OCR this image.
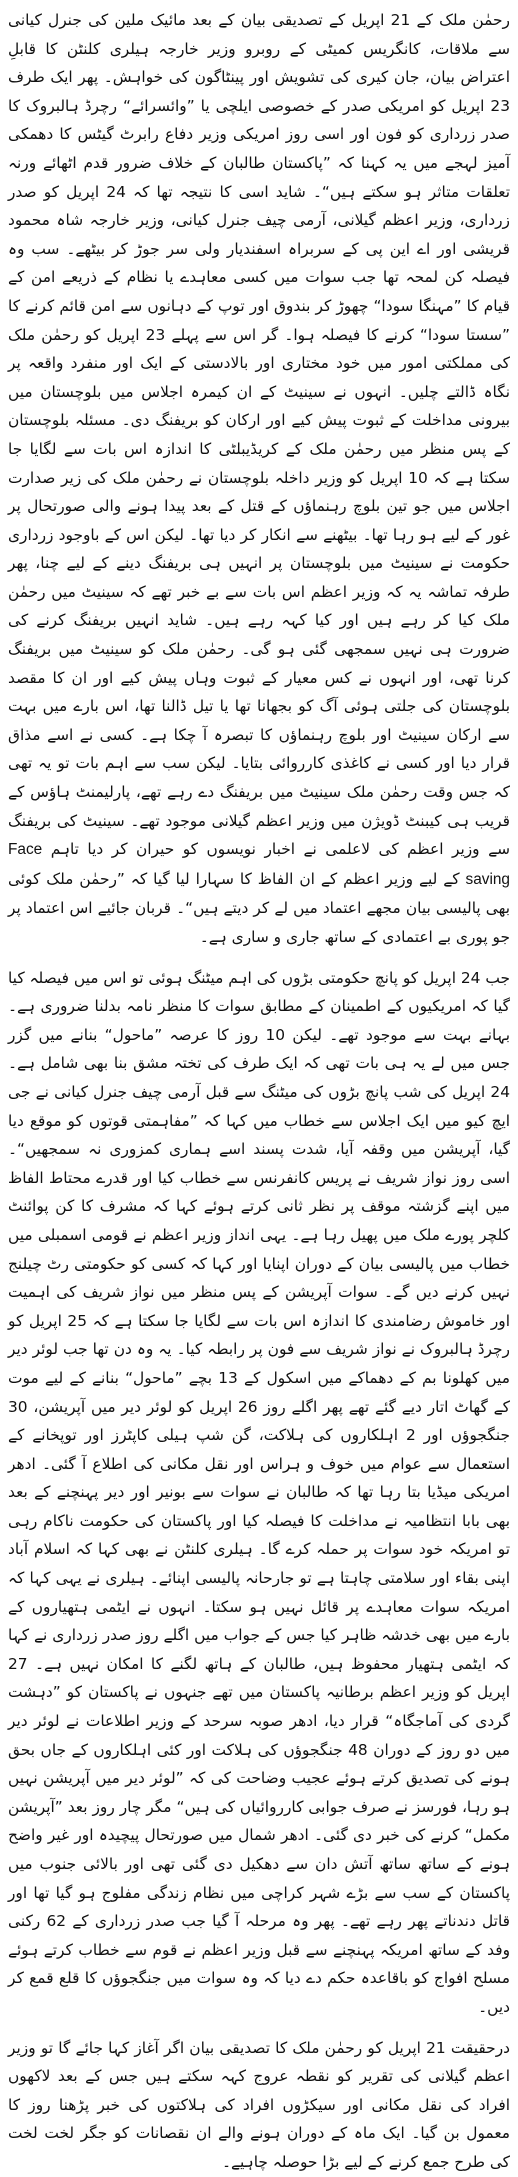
رحمٰن ملک کے 21 اپریل کے تصدیقی بیان کے بعد مائیک ملین کی جنرل کیانی سے ملاقات، کانگریس کمیٹی کے روبرو وزیر خارجہ ہیلری کلنٹن کا قابلِ اعتراض بیان، جان کیری کی تشویش اور پینٹاگون کی خواہش۔ پھر ایک طرف 23 اپریل کو امریکی صدر کے خصوصی ایلچی یا ”وائسرائے“ رچرڈ ہالبروک کا صدر زرداری کو فون اور اسی روز امریکی وزیر دفاع رابرٹ گیٹس کا دھمکی آمیز لہجے میں یہ کہنا کہ ”پاکستان طالبان کے خلاف ضرور قدم اٹھائے ورنہ تعلقات متاثر ہو سکتے ہیں“۔ شاید اسی کا نتیجہ تھا کہ 24 اپریل کو صدر زرداری، وزیر اعظم گیلانی، آرمی چیف جنرل کیانی، وزیر خارجہ شاہ محمود قریشی اور اے این پی کے سربراہ اسفندیار ولی سر جوڑ کر بیٹھے۔ سب وہ فیصلہ کن لمحہ تھا جب سوات میں کسی معاہدے یا نظام کے ذریعے امن کے قیام کا ”مہنگا سودا“ چھوڑ کر بندوق اور توپ کے دہانوں سے امن قائم کرنے کا ”سستا سودا“ کرنے کا فیصلہ ہوا۔ گر اس سے پہلے 23 اپریل کو رحمٰن ملک کی مملکتی امور میں خود مختاری اور بالادستی کے ایک اور منفرد واقعہ پر نگاہ ڈالتے چلیں۔ انہوں نے سینیٹ کے ان کیمرہ اجلاس میں بلوچستان میں بیرونی مداخلت کے ثبوت پیش کیے اور ارکان کو بریفنگ دی۔ مسئلہ بلوچستان کے پس منظر میں رحمٰن ملک کے کریڈیبلٹی کا اندازہ اس بات سے لگایا جا سکتا ہے کہ 10 اپریل کو وزیر داخلہ بلوچستان نے رحمٰن ملک کی زیر صدارت اجلاس میں جو تین بلوچ رہنماؤں کے قتل کے بعد پیدا ہونے والی صورتحال پر غور کے لیے ہو رہا تھا۔ بیٹھنے سے انکار کر دیا تھا۔ لیکن اس کے باوجود زرداری حکومت نے سینیٹ میں بلوچستان پر انہیں ہی بریفنگ دینے کے لیے چنا، پھر طرفہ تماشہ یہ کہ وزیر اعظم اس بات سے بے خبر تھے کہ سینیٹ میں رحمٰن ملک کیا کر رہے ہیں اور کیا کہہ رہے ہیں۔ شاید انہیں بریفنگ کرنے کی ضرورت ہی نہیں سمجھی گئی ہو گی۔ رحمٰن ملک کو سینیٹ میں بریفنگ کرنا تھی، اور انہوں نے کس معیار کے ثبوت وہاں پیش کیے اور ان کا مقصد بلوچستان کی جلتی ہوئی آگ کو بجھانا تھا یا تیل ڈالنا تھا، اس بارے میں بہت سے ارکان سینیٹ اور بلوچ رہنماؤں کا تبصرہ آ چکا ہے۔ کسی نے اسے مذاق قرار دیا اور کسی نے کاغذی کارروائی بتایا۔ لیکن سب سے اہم بات تو یہ تھی کہ جس وقت رحمٰن ملک سینیٹ میں بریفنگ دے رہے تھے، پارلیمنٹ ہاؤس کے قریب ہی کیبنٹ ڈویژن میں وزیر اعظم گیلانی موجود تھے۔ سینیٹ کی بریفنگ سے وزیر اعظم کی لاعلمی نے اخبار نویسوں کو حیران کر دیا تاہم Face saving کے لیے وزیر اعظم کے ان الفاظ کا سہارا لیا گیا کہ ”رحمٰن ملک کوئی بھی پالیسی بیان مجھے اعتماد میں لے کر دیتے ہیں“۔ قربان جائیے اس اعتماد پر جو پوری بے اعتمادی کے ساتھ جاری و ساری ہے۔

جب 24 اپریل کو پانچ حکومتی بڑوں کی اہم میٹنگ ہوئی تو اس میں فیصلہ کیا گیا کہ امریکیوں کے اطمینان کے مطابق سوات کا منظر نامہ بدلنا ضروری ہے۔ بہانے بہت سے موجود تھے۔ لیکن 10 روز کا عرصہ ”ماحول“ بنانے میں گزر جس میں لے یہ ہی بات تھی کہ ایک طرف کی تختہ مشق بنا بھی شامل ہے۔ 24 اپریل کی شب پانچ بڑوں کی میٹنگ سے قبل آرمی چیف جنرل کیانی نے جی ایچ کیو میں ایک اجلاس سے خطاب میں کہا کہ ”مفاہمتی قوتوں کو موقع دیا گیا، آپریشن میں وقفہ آیا، شدت پسند اسے ہماری کمزوری نہ سمجھیں“۔ اسی روز نواز شریف نے پریس کانفرنس سے خطاب کیا اور قدرے محتاط الفاظ میں اپنے گزشتہ موقف پر نظر ثانی کرتے ہوئے کہا کہ مشرف کا کن پوائنٹ کلچر پورے ملک میں پھیل رہا ہے۔ یہی انداز وزیر اعظم نے قومی اسمبلی میں خطاب میں پالیسی بیان کے دوران اپنایا اور کہا کہ کسی کو حکومتی رٹ چیلنج نہیں کرنے دیں گے۔ سوات آپریشن کے پس منظر میں نواز شریف کی اہمیت اور خاموش رضامندی کا اندازہ اس بات سے لگایا جا سکتا ہے کہ 25 اپریل کو رچرڈ ہالبروک نے نواز شریف سے فون پر رابطہ کیا۔ یہ وہ دن تھا جب لوئر دیر میں کھلونا بم کے دھماکے میں اسکول کے 13 بچے ”ماحول“ بنانے کے لیے موت کے گھاٹ اتار دیے گئے تھے پھر اگلے روز 26 اپریل کو لوئر دیر میں آپریشن، 30 جنگجوؤں اور 2 اہلکاروں کی ہلاکت، گن شپ ہیلی کاپٹرز اور توپخانے کے استعمال سے عوام میں خوف و ہراس اور نقل مکانی کی اطلاع آ گئی۔ ادھر امریکی میڈیا بتا رہا تھا کہ طالبان نے سوات سے بونیر اور دیر پہنچنے کے بعد بھی بابا انتظامیہ نے مداخلت کا فیصلہ کیا اور پاکستان کی حکومت ناکام رہی تو امریکہ خود سوات پر حملہ کرے گا۔ ہیلری کلنٹن نے بھی کہا کہ اسلام آباد اپنی بقاء اور سلامتی چاہتا ہے تو جارحانہ پالیسی اپنائے۔ ہیلری نے یہی کہا کہ امریکہ سوات معاہدے پر قائل نہیں ہو سکتا۔ انہوں نے ایٹمی ہتھیاروں کے بارے میں بھی خدشہ ظاہر کیا جس کے جواب میں اگلے روز صدر زرداری نے کہا کہ ایٹمی ہتھیار محفوظ ہیں، طالبان کے ہاتھ لگنے کا امکان نہیں ہے۔ 27 اپریل کو وزیر اعظم برطانیہ پاکستان میں تھے جنہوں نے پاکستان کو ”دہشت گردی کی آماجگاہ“ قرار دیا، ادھر صوبہ سرحد کے وزیر اطلاعات نے لوئر دیر میں دو روز کے دوران 48 جنگجوؤں کی ہلاکت اور کئی اہلکاروں کے جاں بحق ہونے کی تصدیق کرتے ہوئے عجیب وضاحت کی کہ ”لوئر دیر میں آپریشن نہیں ہو رہا، فورسز نے صرف جوابی کارروائیاں کی ہیں“ مگر چار روز بعد ”آپریشن مکمل“ کرنے کی خبر دی گئی۔ ادھر شمال میں صورتحال پیچیدہ اور غیر واضح ہونے کے ساتھ ساتھ آتش دان سے دھکیل دی گئی تھی اور بالائی جنوب میں پاکستان کے سب سے بڑے شہر کراچی میں نظام زندگی مفلوج ہو گیا تھا اور قاتل دندناتے پھر رہے تھے۔ پھر وہ مرحلہ آ گیا جب صدر زرداری کے 62 رکنی وفد کے ساتھ امریکہ پہنچنے سے قبل وزیر اعظم نے قوم سے خطاب کرتے ہوئے مسلح افواج کو باقاعدہ حکم دے دیا کہ وہ سوات میں جنگجوؤں کا قلع قمع کر دیں۔

درحقیقت 21 اپریل کو رحمٰن ملک کا تصدیقی بیان اگر آغاز کہا جائے گا تو وزیر اعظم گیلانی کی تقریر کو نقطہ عروج کہہ سکتے ہیں جس کے بعد لاکھوں افراد کی نقل مکانی اور سیکڑوں افراد کی ہلاکتوں کی خبر پڑھنا روز کا معمول بن گیا۔ ایک ماہ کے دوران ہونے والے ان نقصانات کو جگر لخت لخت کی طرح جمع کرنے کے لیے بڑا حوصلہ چاہیے۔
